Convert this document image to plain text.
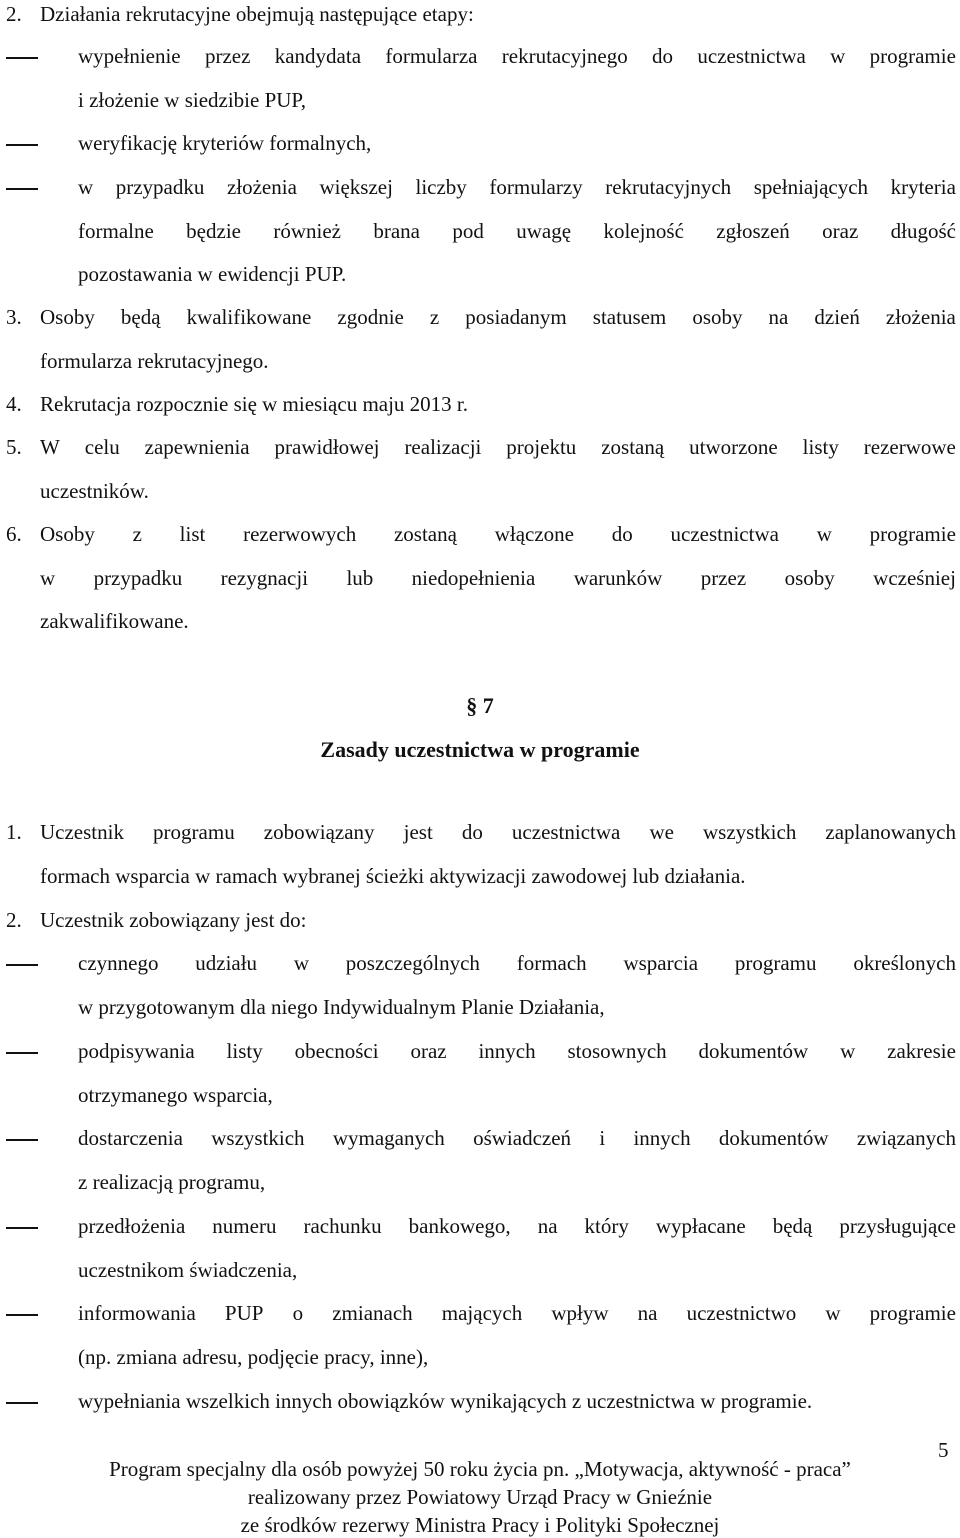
2. Działania rekrutacyjne obejmują następujące etapy:
wypełnienie przez kandydata formularza rekrutacyjnego do uczestnictwa w programie
i złożenie w siedzibie PUP,
weryfikację kryteriów formalnych,
w przypadku złożenia większej liczby formularzy rekrutacyjnych spełniających kryteria
formalne będzie również brana pod uwagę kolejność zgłoszeń oraz długość
pozostawania w ewidencji PUP.
3. Osoby będą kwalifikowane zgodnie z posiadanym statusem osoby na dzień złożenia
formularza rekrutacyjnego.
4. Rekrutacja rozpocznie się w miesiącu maju 2013 r.
5. W celu zapewnienia prawidłowej realizacji projektu zostaną utworzone listy rezerwowe
uczestników.
6. Osoby z list rezerwowych zostaną włączone do uczestnictwa w programie
w przypadku rezygnacji lub niedopełnienia warunków przez osoby wcześniej
zakwalifikowane.
§ 7
Zasady uczestnictwa w programie
1. Uczestnik programu zobowiązany jest do uczestnictwa we wszystkich zaplanowanych
formach wsparcia w ramach wybranej ścieżki aktywizacji zawodowej lub działania.
2. Uczestnik zobowiązany jest do:
czynnego udziału w poszczególnych formach wsparcia programu określonych
w przygotowanym dla niego Indywidualnym Planie Działania,
podpisywania listy obecności oraz innych stosownych dokumentów w zakresie
otrzymanego wsparcia,
dostarczenia wszystkich wymaganych oświadczeń i innych dokumentów związanych
z realizacją programu,
przedłożenia numeru rachunku bankowego, na który wypłacane będą przysługujące
uczestnikom świadczenia,
informowania PUP o zmianach mających wpływ na uczestnictwo w programie
(np. zmiana adresu, podjęcie pracy, inne),
wypełniania wszelkich innych obowiązków wynikających z uczestnictwa w programie.
5
Program specjalny dla osób powyżej 50 roku życia pn. „Motywacja, aktywność - praca”
realizowany przez Powiatowy Urząd Pracy w Gnieźnie
ze środków rezerwy Ministra Pracy i Polityki Społecznej
